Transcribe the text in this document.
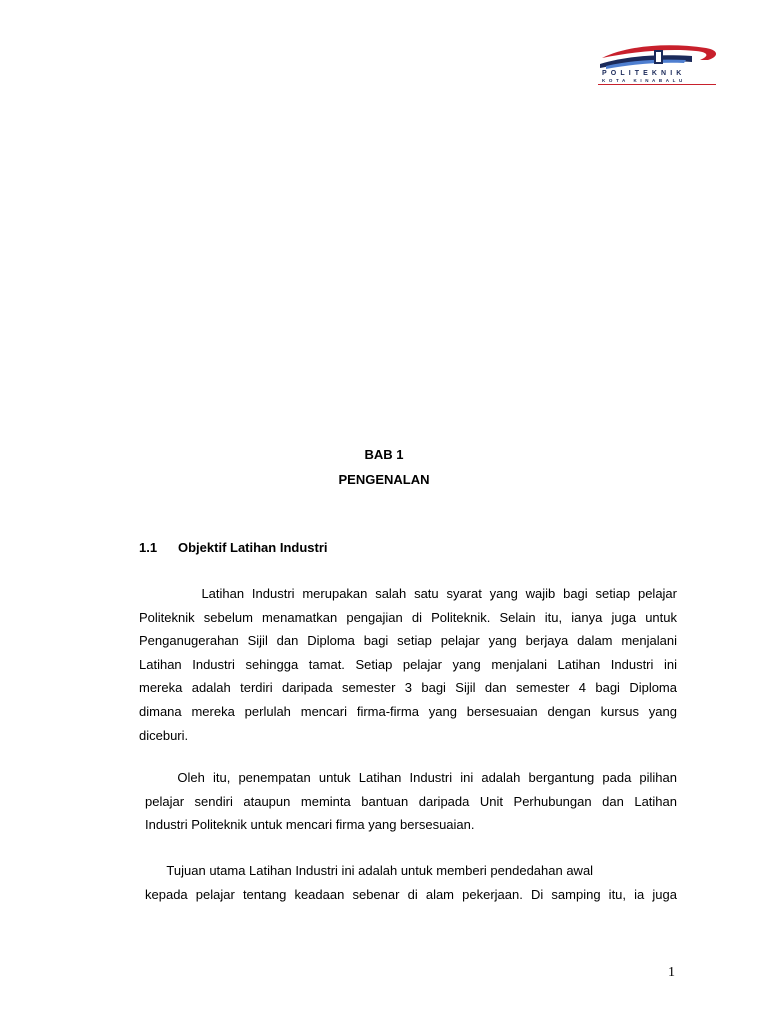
POLITEKNIK
KOTA KINABALU
BAB 1
PENGENALAN
1.1 Objektif Latihan Industri
Latihan Industri merupakan salah satu syarat yang wajib bagi setiap pelajar
Politeknik sebelum menamatkan pengajian di Politeknik. Selain itu, ianya juga untuk
Penganugerahan Sijil dan Diploma bagi setiap pelajar yang berjaya dalam menjalani
Latihan Industri sehingga tamat. Setiap pelajar yang menjalani Latihan Industri ini
mereka adalah terdiri daripada semester 3 bagi Sijil dan semester 4 bagi Diploma
dimana mereka perlulah mencari firma-firma yang bersesuaian dengan kursus yang
diceburi.
Oleh itu, penempatan untuk Latihan Industri ini adalah bergantung pada pilihan
pelajar sendiri ataupun meminta bantuan daripada Unit Perhubungan dan Latihan
Industri Politeknik untuk mencari firma yang bersesuaian.
Tujuan utama Latihan Industri ini adalah untuk memberi pendedahan awal
kepada pelajar tentang keadaan sebenar di alam pekerjaan. Di samping itu, ia juga
1
